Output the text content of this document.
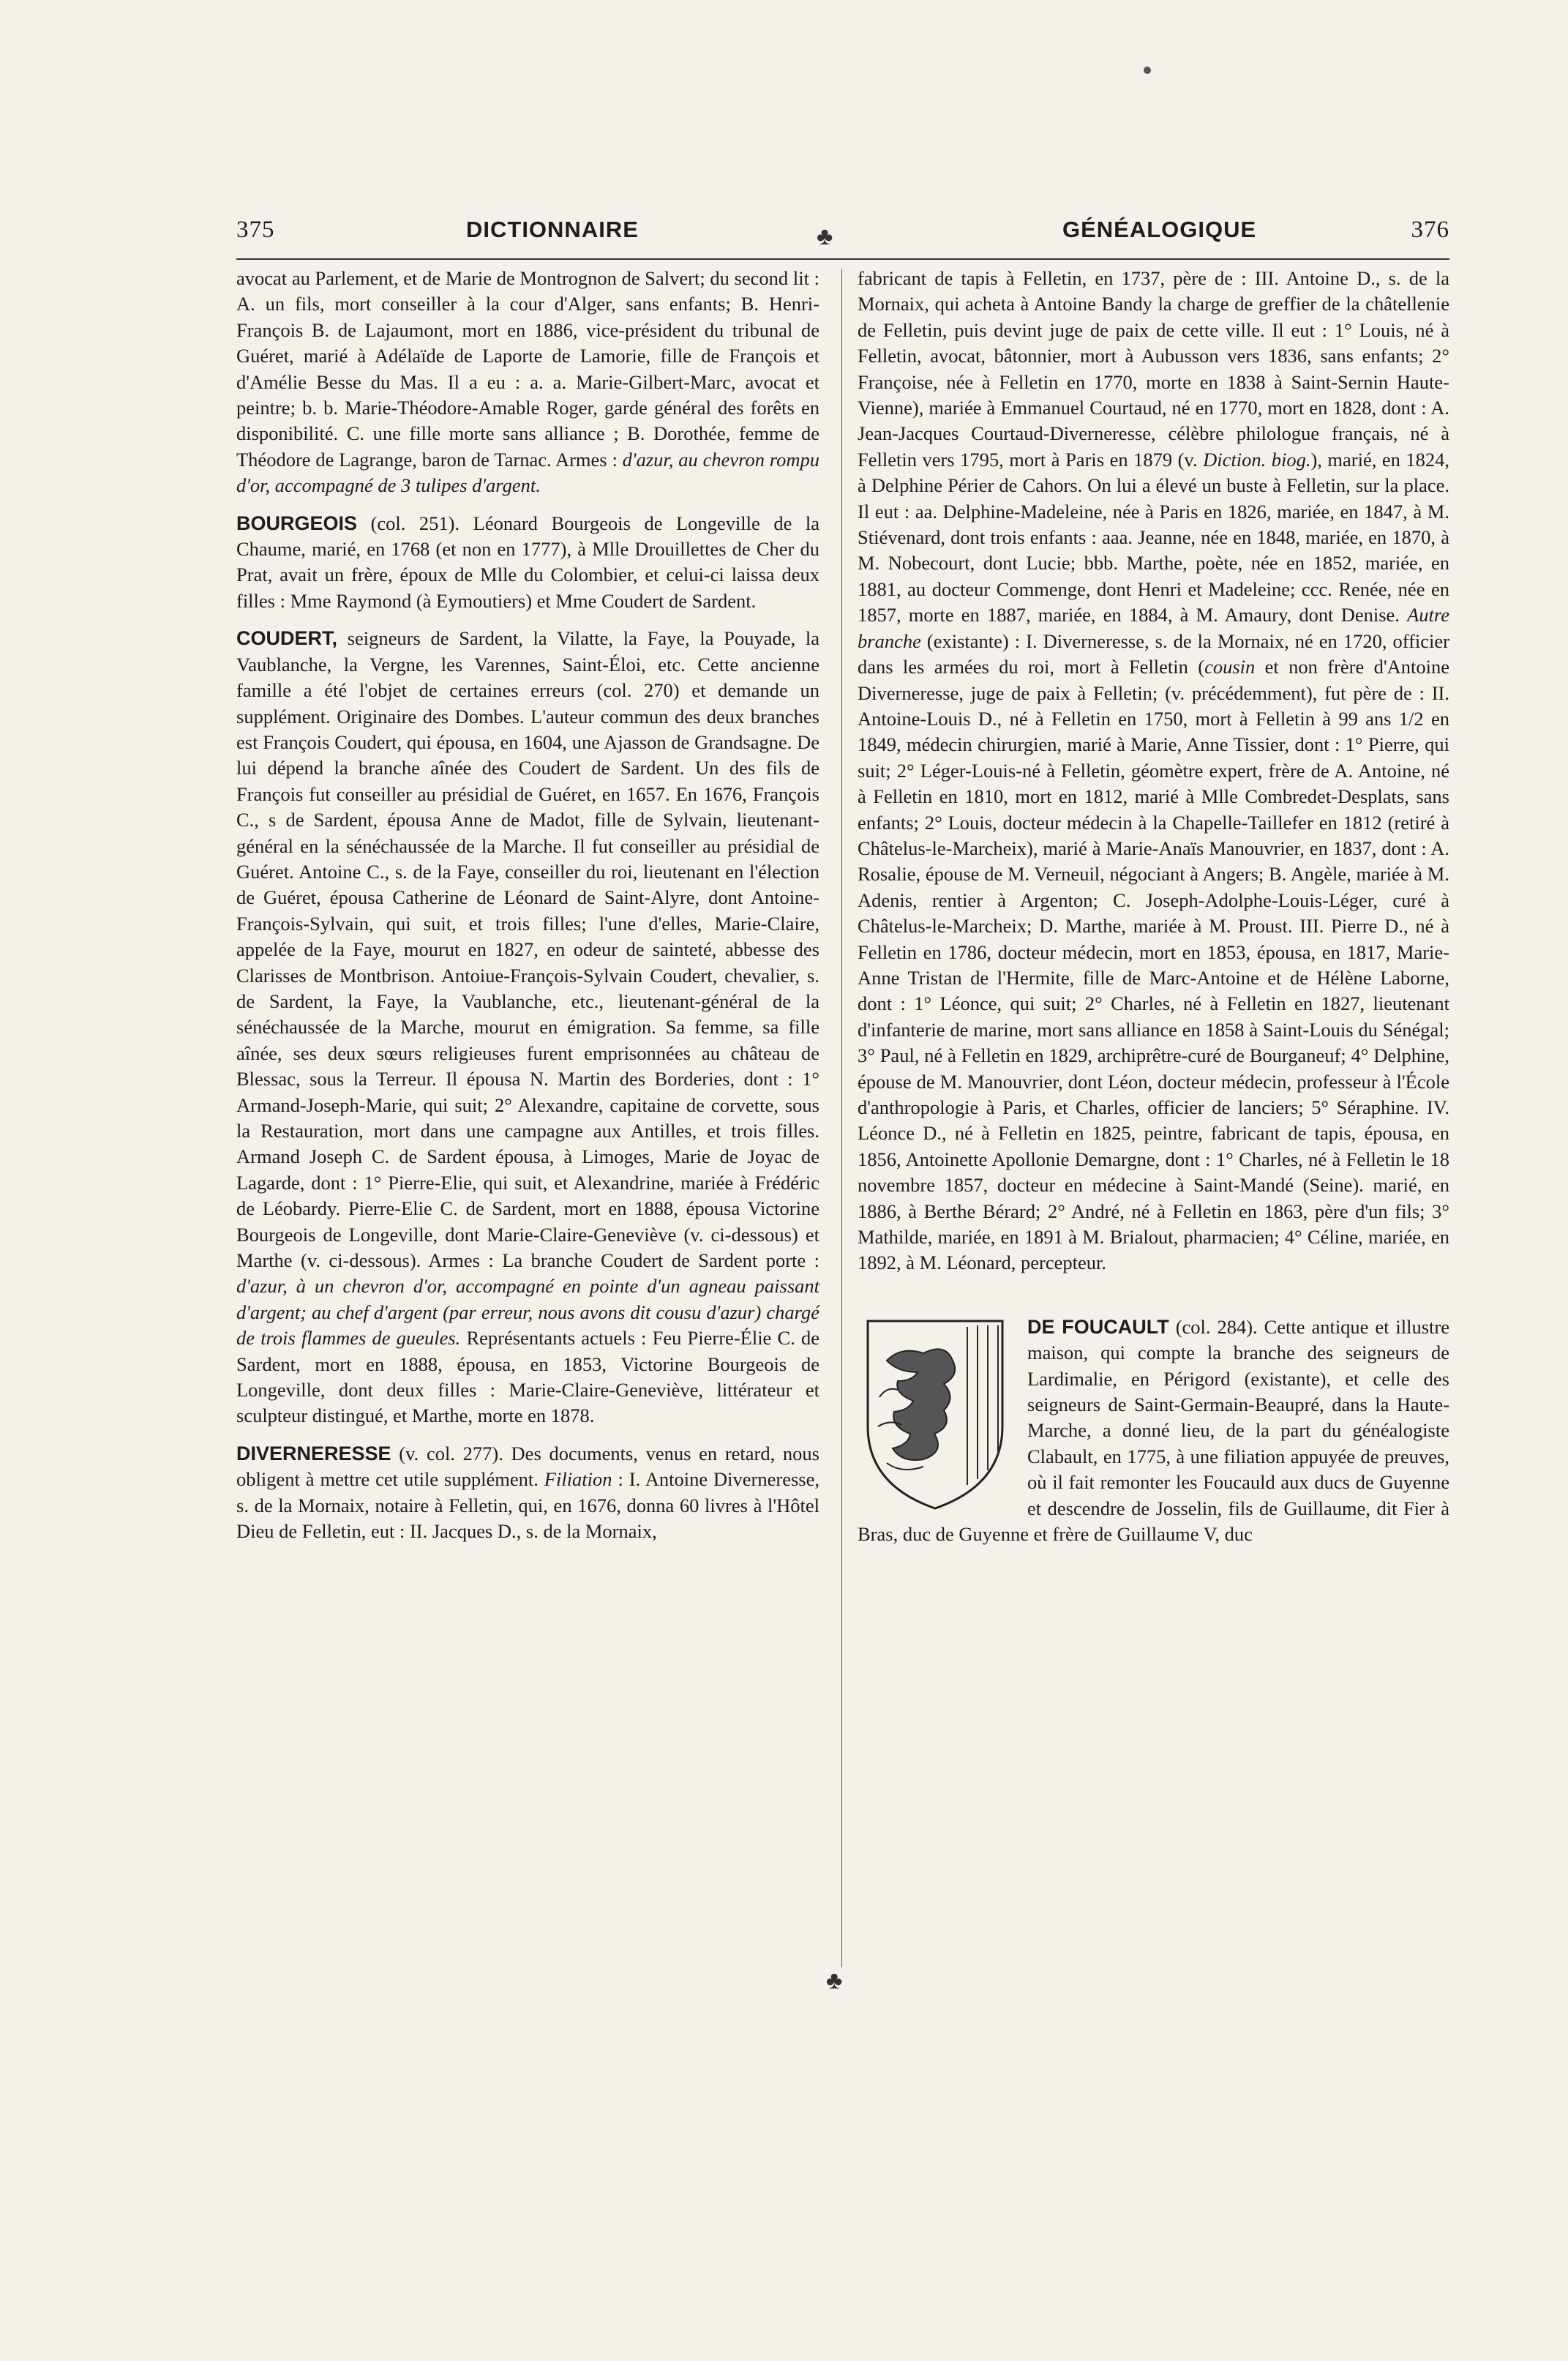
375	DICTIONNAIRE	GÉNÉALOGIQUE	376
♣
♣

avocat au Parlement, et de Marie de Montrognon de Salvert; du second lit : A. un fils, mort conseiller à la cour d'Alger, sans enfants; B. Henri-François B. de Lajaumont, mort en 1886, vice-président du tribunal de Guéret, marié à Adélaïde de Laporte de Lamorie, fille de François et d'Amélie Besse du Mas. Il a eu : a. a. Marie-Gilbert-Marc, avocat et peintre; b. b. Marie-Théodore-Amable Roger, garde général des forêts en disponibilité. C. une fille morte sans alliance ; B. Dorothée, femme de Théodore de Lagrange, baron de Tarnac. Armes : d'azur, au chevron rompu d'or, accompagné de 3 tulipes d'argent.

BOURGEOIS (col. 251). Léonard Bourgeois de Longeville de la Chaume, marié, en 1768 (et non en 1777), à Mlle Drouillettes de Cher du Prat, avait un frère, époux de Mlle du Colombier, et celui-ci laissa deux filles : Mme Raymond (à Eymoutiers) et Mme Coudert de Sardent.

COUDERT, seigneurs de Sardent, la Vilatte, la Faye, la Pouyade, la Vaublanche, la Vergne, les Varennes, Saint-Éloi, etc. Cette ancienne famille a été l'objet de certaines erreurs (col. 270) et demande un supplément. Originaire des Dombes. L'auteur commun des deux branches est François Coudert, qui épousa, en 1604, une Ajasson de Grandsagne. De lui dépend la branche aînée des Coudert de Sardent. Un des fils de François fut conseiller au présidial de Guéret, en 1657. En 1676, François C., s de Sardent, épousa Anne de Madot, fille de Sylvain, lieutenant-général en la sénéchaussée de la Marche. Il fut conseiller au présidial de Guéret. Antoine C., s. de la Faye, conseiller du roi, lieutenant en l'élection de Guéret, épousa Catherine de Léonard de Saint-Alyre, dont Antoine-François-Sylvain, qui suit, et trois filles; l'une d'elles, Marie-Claire, appelée de la Faye, mourut en 1827, en odeur de sainteté, abbesse des Clarisses de Montbrison. Antoiue-François-Sylvain Coudert, chevalier, s. de Sardent, la Faye, la Vaublanche, etc., lieutenant-général de la sénéchaussée de la Marche, mourut en émigration. Sa femme, sa fille aînée, ses deux sœurs religieuses furent emprisonnées au château de Blessac, sous la Terreur. Il épousa N. Martin des Borderies, dont : 1° Armand-Joseph-Marie, qui suit; 2° Alexandre, capitaine de corvette, sous la Restauration, mort dans une campagne aux Antilles, et trois filles. Armand Joseph C. de Sardent épousa, à Limoges, Marie de Joyac de Lagarde, dont : 1° Pierre-Elie, qui suit, et Alexandrine, mariée à Frédéric de Léobardy. Pierre-Elie C. de Sardent, mort en 1888, épousa Victorine Bourgeois de Longeville, dont Marie-Claire-Geneviève (v. ci-dessous) et Marthe (v. ci-dessous). Armes : La branche Coudert de Sardent porte : d'azur, à un chevron d'or, accompagné en pointe d'un agneau paissant d'argent; au chef d'argent (par erreur, nous avons dit cousu d'azur) chargé de trois flammes de gueules. Représentants actuels : Feu Pierre-Élie C. de Sardent, mort en 1888, épousa, en 1853, Victorine Bourgeois de Longeville, dont deux filles : Marie-Claire-Geneviève, littérateur et sculpteur distingué, et Marthe, morte en 1878.

DIVERNERESSE (v. col. 277). Des documents, venus en retard, nous obligent à mettre cet utile supplément. Filiation : I. Antoine Diverneresse, s. de la Mornaix, notaire à Felletin, qui, en 1676, donna 60 livres à l'Hôtel Dieu de Felletin, eut : II. Jacques D., s. de la Mornaix,

fabricant de tapis à Felletin, en 1737, père de : III. Antoine D., s. de la Mornaix, qui acheta à Antoine Bandy la charge de greffier de la châtellenie de Felletin, puis devint juge de paix de cette ville. Il eut : 1° Louis, né à Felletin, avocat, bâtonnier, mort à Aubusson vers 1836, sans enfants; 2° Françoise, née à Felletin en 1770, morte en 1838 à Saint-Sernin Haute-Vienne), mariée à Emmanuel Courtaud, né en 1770, mort en 1828, dont : A. Jean-Jacques Courtaud-Diverneresse, célèbre philologue français, né à Felletin vers 1795, mort à Paris en 1879 (v. Diction. biog.), marié, en 1824, à Delphine Périer de Cahors. On lui a élevé un buste à Felletin, sur la place. Il eut : aa. Delphine-Madeleine, née à Paris en 1826, mariée, en 1847, à M. Stiévenard, dont trois enfants : aaa. Jeanne, née en 1848, mariée, en 1870, à M. Nobecourt, dont Lucie; bbb. Marthe, poète, née en 1852, mariée, en 1881, au docteur Commenge, dont Henri et Madeleine; ccc. Renée, née en 1857, morte en 1887, mariée, en 1884, à M. Amaury, dont Denise. Autre branche (existante) : I. Diverneresse, s. de la Mornaix, né en 1720, officier dans les armées du roi, mort à Felletin (cousin et non frère d'Antoine Diverneresse, juge de paix à Felletin; (v. précédemment), fut père de : II. Antoine-Louis D., né à Felletin en 1750, mort à Felletin à 99 ans 1/2 en 1849, médecin chirurgien, marié à Marie, Anne Tissier, dont : 1° Pierre, qui suit; 2° Léger-Louis-né à Felletin, géomètre expert, frère de A. Antoine, né à Felletin en 1810, mort en 1812, marié à Mlle Combredet-Desplats, sans enfants; 2° Louis, docteur médecin à la Chapelle-Taillefer en 1812 (retiré à Châtelus-le-Marcheix), marié à Marie-Anaïs Manouvrier, en 1837, dont : A. Rosalie, épouse de M. Verneuil, négociant à Angers; B. Angèle, mariée à M. Adenis, rentier à Argenton; C. Joseph-Adolphe-Louis-Léger, curé à Châtelus-le-Marcheix; D. Marthe, mariée à M. Proust. III. Pierre D., né à Felletin en 1786, docteur médecin, mort en 1853, épousa, en 1817, Marie-Anne Tristan de l'Hermite, fille de Marc-Antoine et de Hélène Laborne, dont : 1° Léonce, qui suit; 2° Charles, né à Felletin en 1827, lieutenant d'infanterie de marine, mort sans alliance en 1858 à Saint-Louis du Sénégal; 3° Paul, né à Felletin en 1829, archiprêtre-curé de Bourganeuf; 4° Delphine, épouse de M. Manouvrier, dont Léon, docteur médecin, professeur à l'École d'anthropologie à Paris, et Charles, officier de lanciers; 5° Séraphine. IV. Léonce D., né à Felletin en 1825, peintre, fabricant de tapis, épousa, en 1856, Antoinette Apollonie Demargne, dont : 1° Charles, né à Felletin le 18 novembre 1857, docteur en médecine à Saint-Mandé (Seine). marié, en 1886, à Berthe Bérard; 2° André, né à Felletin en 1863, père d'un fils; 3° Mathilde, mariée, en 1891 à M. Brialout, pharmacien; 4° Céline, mariée, en 1892, à M. Léonard, percepteur.

DE FOUCAULT (col. 284). Cette antique et illustre maison, qui compte la branche des seigneurs de Lardimalie, en Périgord (existante), et celle des seigneurs de Saint-Germain-Beaupré, dans la Haute-Marche, a donné lieu, de la part du généalogiste Clabault, en 1775, à une filiation appuyée de preuves, où il fait remonter les Foucauld aux ducs de Guyenne et descendre de Josselin, fils de Guillaume, dit Fier à Bras, duc de Guyenne et frère de Guillaume V, duc
